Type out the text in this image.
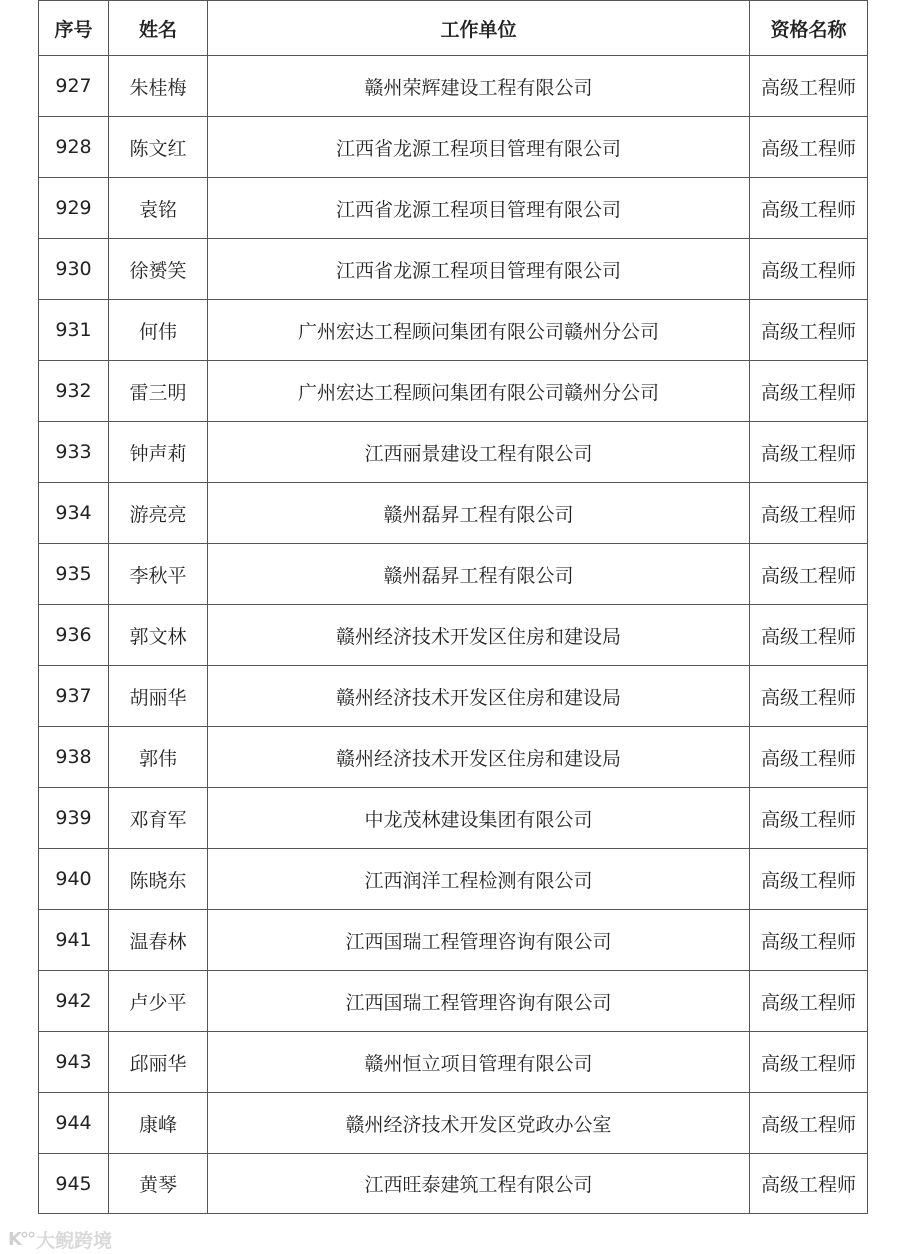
序号	姓名	工作单位	资格名称
927	朱桂梅	赣州荣辉建设工程有限公司	高级工程师
928	陈文红	江西省龙源工程项目管理有限公司	高级工程师
929	袁铭	江西省龙源工程项目管理有限公司	高级工程师
930	徐赟笑	江西省龙源工程项目管理有限公司	高级工程师
931	何伟	广州宏达工程顾问集团有限公司赣州分公司	高级工程师
932	雷三明	广州宏达工程顾问集团有限公司赣州分公司	高级工程师
933	钟声莉	江西丽景建设工程有限公司	高级工程师
934	游亮亮	赣州磊昇工程有限公司	高级工程师
935	李秋平	赣州磊昇工程有限公司	高级工程师
936	郭文林	赣州经济技术开发区住房和建设局	高级工程师
937	胡丽华	赣州经济技术开发区住房和建设局	高级工程师
938	郭伟	赣州经济技术开发区住房和建设局	高级工程师
939	邓育军	中龙茂林建设集团有限公司	高级工程师
940	陈晓东	江西润洋工程检测有限公司	高级工程师
941	温春林	江西国瑞工程管理咨询有限公司	高级工程师
942	卢少平	江西国瑞工程管理咨询有限公司	高级工程师
943	邱丽华	赣州恒立项目管理有限公司	高级工程师
944	康峰	赣州经济技术开发区党政办公室	高级工程师
945	黄琴	江西旺泰建筑工程有限公司	高级工程师
K°° 大鲵跨境
